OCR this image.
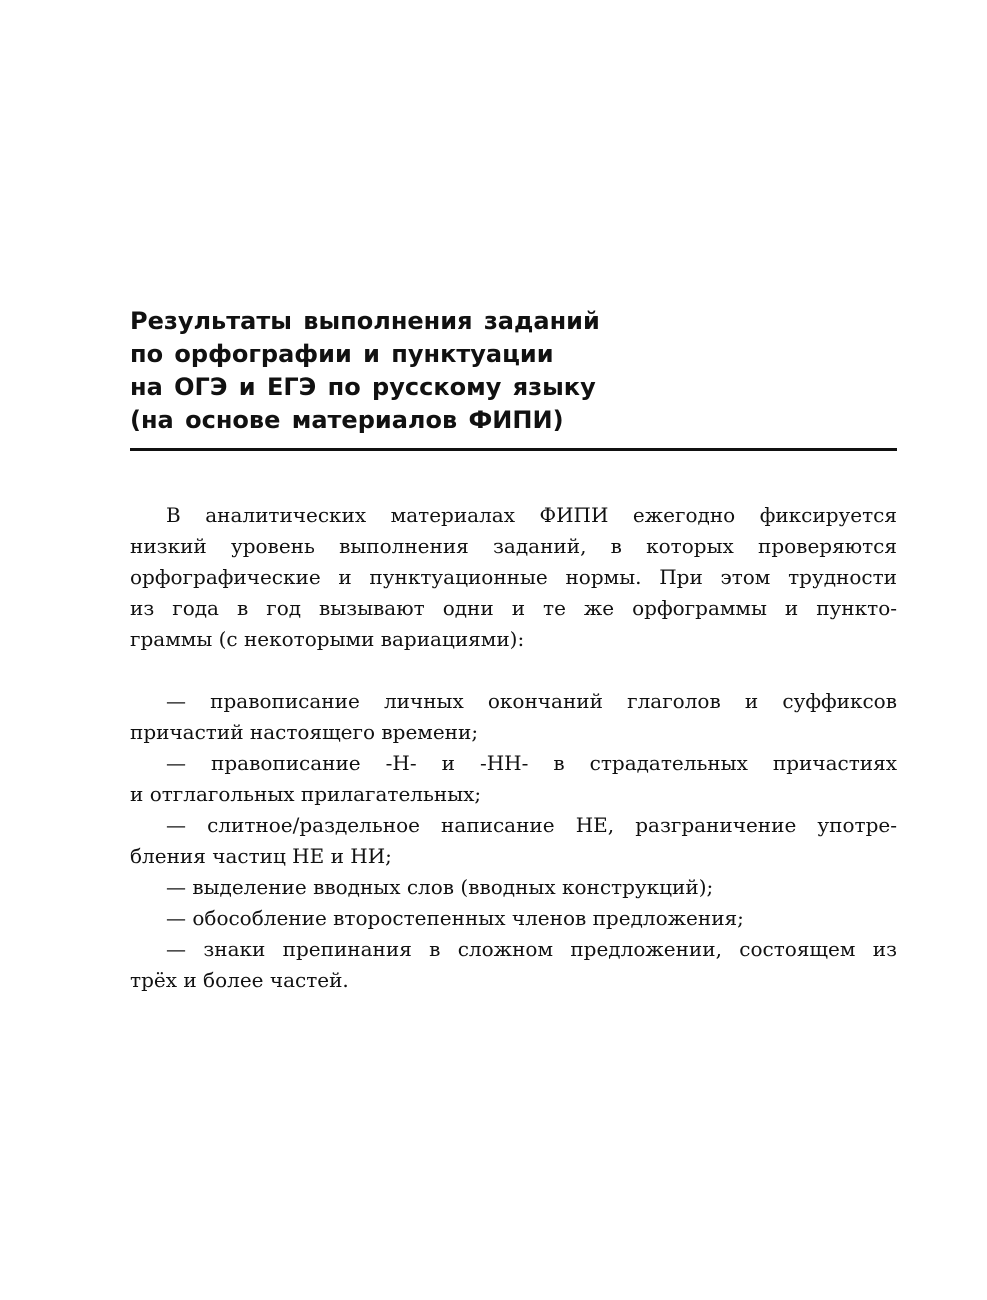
Результаты выполнения заданий
по орфографии и пунктуации
на ОГЭ и ЕГЭ по русскому языку
(на основе материалов ФИПИ)

В аналитических материалах ФИПИ ежегодно фиксируется
низкий уровень выполнения заданий, в которых проверяются
орфографические и пунктуационные нормы. При этом трудности
из года в год вызывают одни и те же орфограммы и пункто-
граммы (с некоторыми вариациями):

— правописание личных окончаний глаголов и суффиксов
причастий настоящего времени;
— правописание -Н- и -НН- в страдательных причастиях
и отглагольных прилагательных;
— слитное/раздельное написание НЕ, разграничение употре-
бления частиц НЕ и НИ;
— выделение вводных слов (вводных конструкций);
— обособление второстепенных членов предложения;
— знаки препинания в сложном предложении, состоящем из
трёх и более частей.
